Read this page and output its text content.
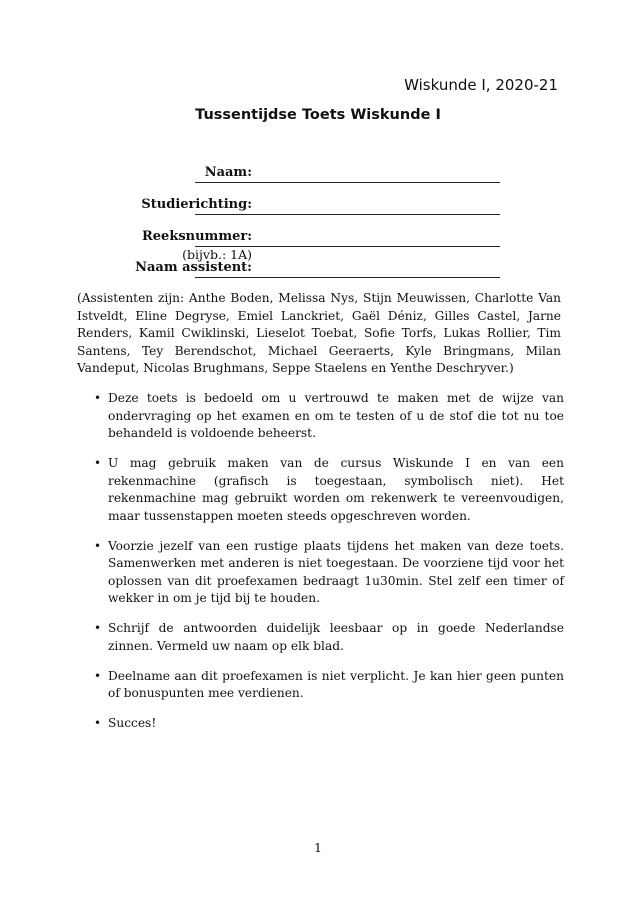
Wiskunde I, 2020-21
Tussentijdse Toets Wiskunde I
Naam:
Studierichting:
Reeksnummer:
(bijvb.: 1A)
Naam assistent:
(Assistenten zijn: Anthe Boden, Melissa Nys, Stijn Meuwissen, Charlotte Van Istveldt, Eline Degryse, Emiel Lanckriet, Gaël Déniz, Gilles Castel, Jarne Renders, Kamil Cwiklinski, Lieselot Toebat, Sofie Torfs, Lukas Rollier, Tim Santens, Tey Berendschot, Michael Geeraerts, Kyle Bringmans, Milan Vandeput, Nicolas Brughmans, Seppe Staelens en Yenthe Deschryver.)
• Deze toets is bedoeld om u vertrouwd te maken met de wijze van ondervraging op het examen en om te testen of u de stof die tot nu toe behandeld is voldoende beheerst.
• U mag gebruik maken van de cursus Wiskunde I en van een rekenmachine (grafisch is toegestaan, symbolisch niet). Het rekenmachine mag gebruikt worden om rekenwerk te vereenvoudigen, maar tussenstappen moeten steeds opgeschreven worden.
• Voorzie jezelf van een rustige plaats tijdens het maken van deze toets. Samenwerken met anderen is niet toegestaan. De voorziene tijd voor het oplossen van dit proefexamen bedraagt 1u30min. Stel zelf een timer of wekker in om je tijd bij te houden.
• Schrijf de antwoorden duidelijk leesbaar op in goede Nederlandse zinnen. Vermeld uw naam op elk blad.
• Deelname aan dit proefexamen is niet verplicht. Je kan hier geen punten of bonuspunten mee verdienen.
• Succes!
1
